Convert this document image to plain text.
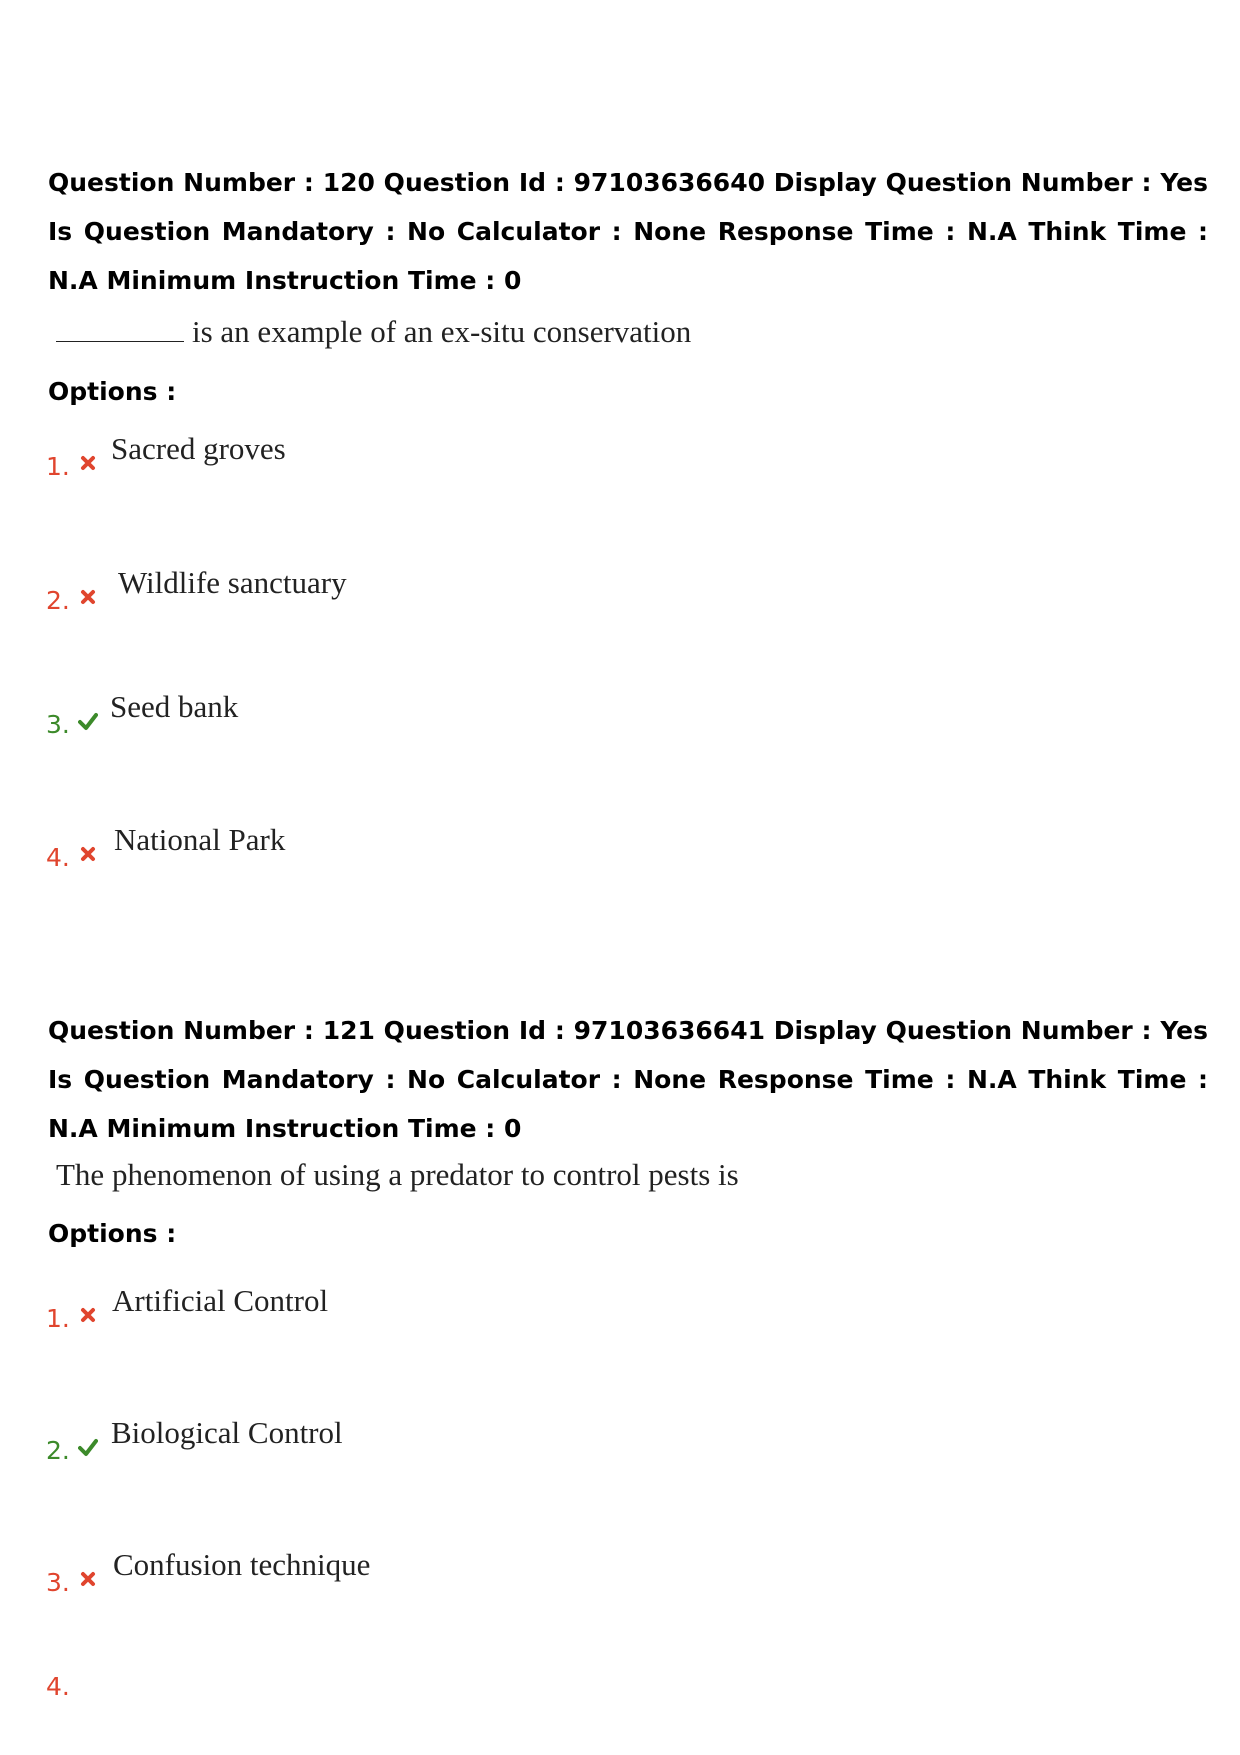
Question Number : 120 Question Id : 97103636640 Display Question Number : Yes Is Question Mandatory : No Calculator : None Response Time : N.A Think Time : N.A Minimum Instruction Time : 0
is an example of an ex-situ conservation
Options :
1.
Sacred groves
2.
Wildlife sanctuary
3.
Seed bank
4.
National Park
Question Number : 121 Question Id : 97103636641 Display Question Number : Yes Is Question Mandatory : No Calculator : None Response Time : N.A Think Time : N.A Minimum Instruction Time : 0
The phenomenon of using a predator to control pests is
Options :
1.
Artificial Control
2.
Biological Control
3.
Confusion technique
4.
